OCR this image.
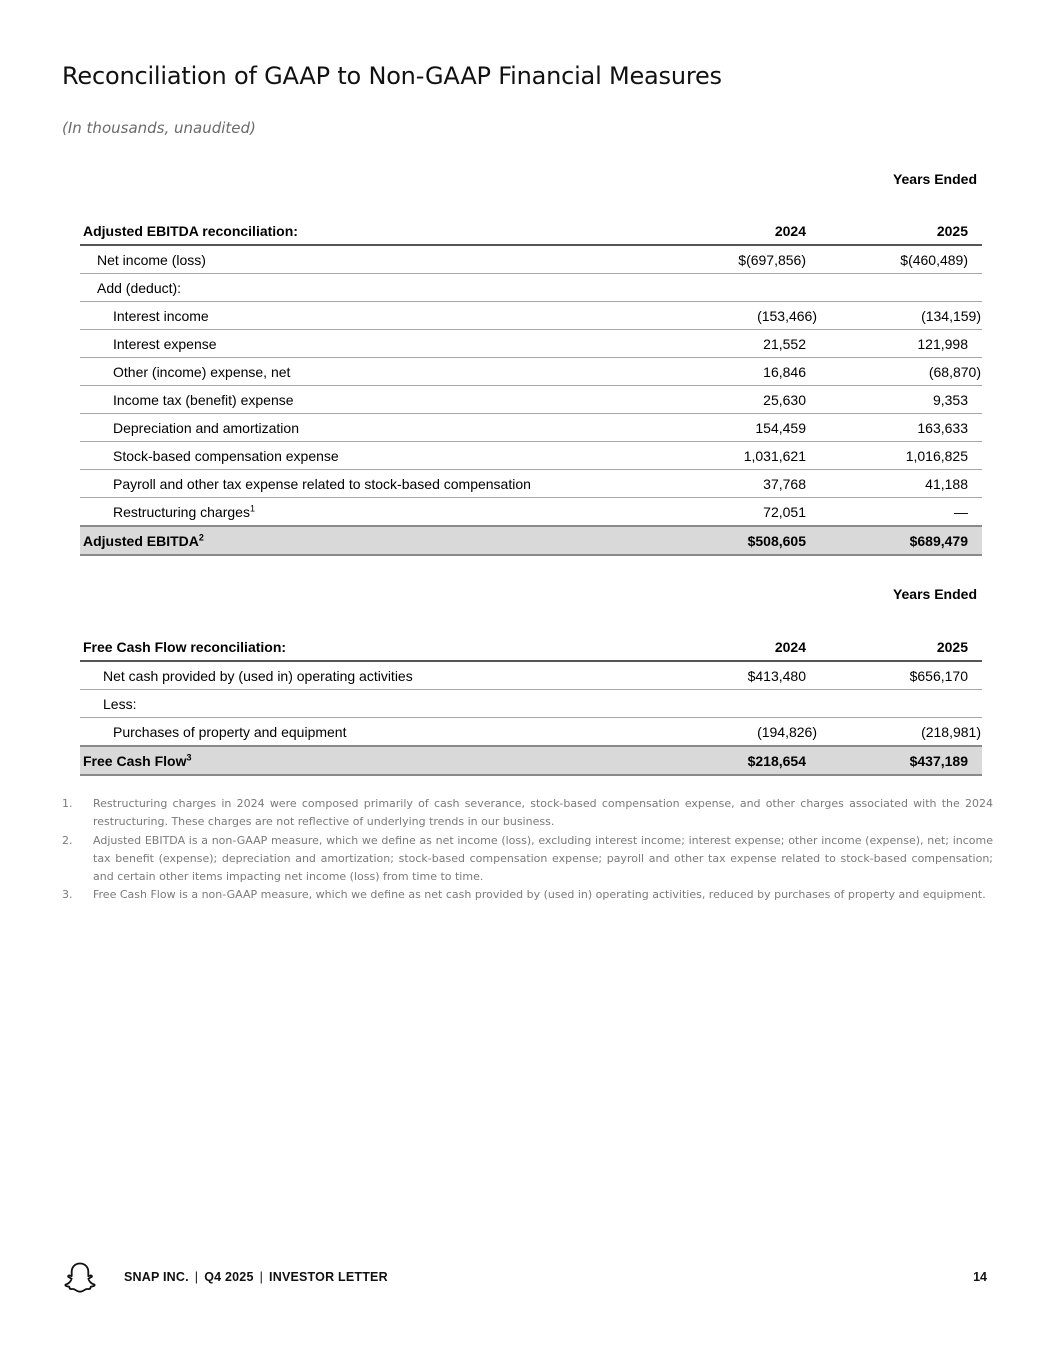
Reconciliation of GAAP to Non-GAAP Financial Measures
(In thousands, unaudited)
Years Ended
Adjusted EBITDA reconciliation:	2024	2025
Net income (loss)	$(697,856)	$(460,489)
Add (deduct):		
Interest income	(153,466)	(134,159)
Interest expense	21,552	121,998
Other (income) expense, net	16,846	(68,870)
Income tax (benefit) expense	25,630	9,353
Depreciation and amortization	154,459	163,633
Stock-based compensation expense	1,031,621	1,016,825
Payroll and other tax expense related to stock-based compensation	37,768	41,188
Restructuring charges$^1$	72,051	—
Adjusted EBITDA$^2$	$508,605	$689,479
Years Ended
Free Cash Flow reconciliation:	2024	2025
Net cash provided by (used in) operating activities	$413,480	$656,170
Less:		
Purchases of property and equipment	(194,826)	(218,981)
Free Cash Flow$^3$	$218,654	$437,189
1.	Restructuring charges in 2024 were composed primarily of cash severance, stock-based compensation expense, and other charges associated with the 2024 restructuring. These charges are not reflective of underlying trends in our business.
2.	Adjusted EBITDA is a non-GAAP measure, which we define as net income (loss), excluding interest income; interest expense; other income (expense), net; income tax benefit (expense); depreciation and amortization; stock-based compensation expense; payroll and other tax expense related to stock-based compensation; and certain other items impacting net income (loss) from time to time.
3.	Free Cash Flow is a non-GAAP measure, which we define as net cash provided by (used in) operating activities, reduced by purchases of property and equipment.
SNAP INC. | Q4 2025 | INVESTOR LETTER	14
